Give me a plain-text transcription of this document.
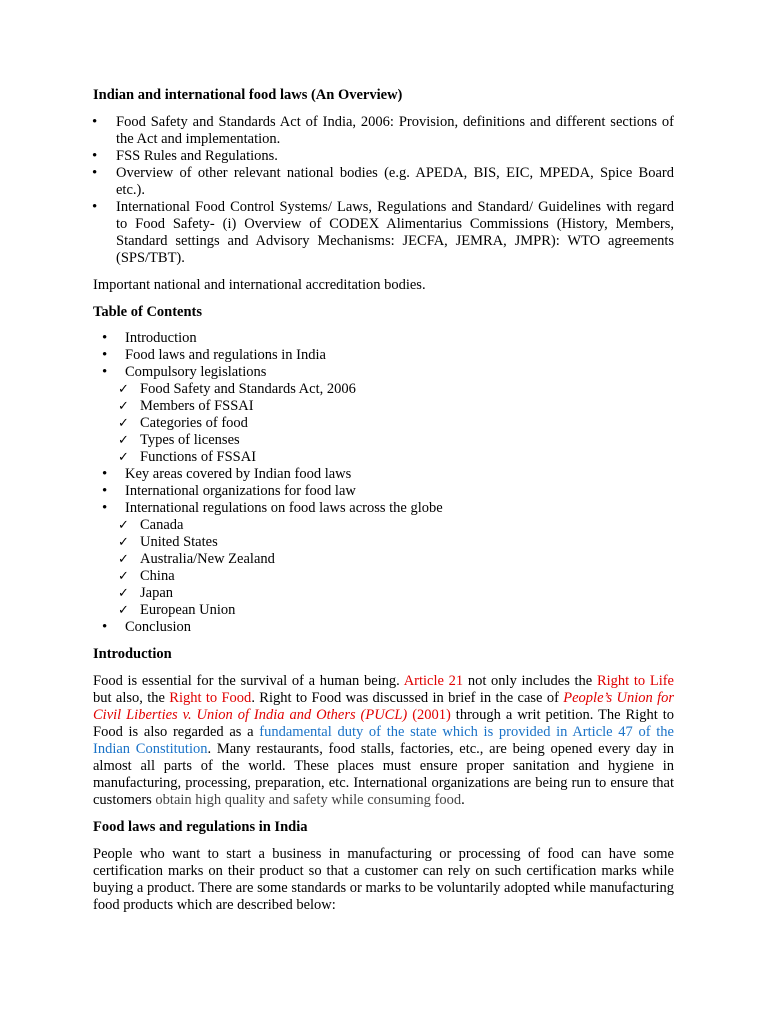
Indian and international food laws (An Overview)

• Food Safety and Standards Act of India, 2006: Provision, definitions and different sections of the Act and implementation.
• FSS Rules and Regulations.
• Overview of other relevant national bodies (e.g. APEDA, BIS, EIC, MPEDA, Spice Board etc.).
• International Food Control Systems/ Laws, Regulations and Standard/ Guidelines with regard to Food Safety- (i) Overview of CODEX Alimentarius Commissions (History, Members, Standard settings and Advisory Mechanisms: JECFA, JEMRA, JMPR): WTO agreements (SPS/TBT).

Important national and international accreditation bodies.

Table of Contents

• Introduction
• Food laws and regulations in India
• Compulsory legislations
✓ Food Safety and Standards Act, 2006
✓ Members of FSSAI
✓ Categories of food
✓ Types of licenses
✓ Functions of FSSAI
• Key areas covered by Indian food laws
• International organizations for food law
• International regulations on food laws across the globe
✓ Canada
✓ United States
✓ Australia/New Zealand
✓ China
✓ Japan
✓ European Union
• Conclusion

Introduction

Food is essential for the survival of a human being. Article 21 not only includes the Right to Life but also, the Right to Food. Right to Food was discussed in brief in the case of People’s Union for Civil Liberties v. Union of India and Others (PUCL) (2001) through a writ petition. The Right to Food is also regarded as a fundamental duty of the state which is provided in Article 47 of the Indian Constitution. Many restaurants, food stalls, factories, etc., are being opened every day in almost all parts of the world. These places must ensure proper sanitation and hygiene in manufacturing, processing, preparation, etc. International organizations are being run to ensure that customers obtain high quality and safety while consuming food.

Food laws and regulations in India

People who want to start a business in manufacturing or processing of food can have some certification marks on their product so that a customer can rely on such certification marks while buying a product. There are some standards or marks to be voluntarily adopted while manufacturing food products which are described below:
